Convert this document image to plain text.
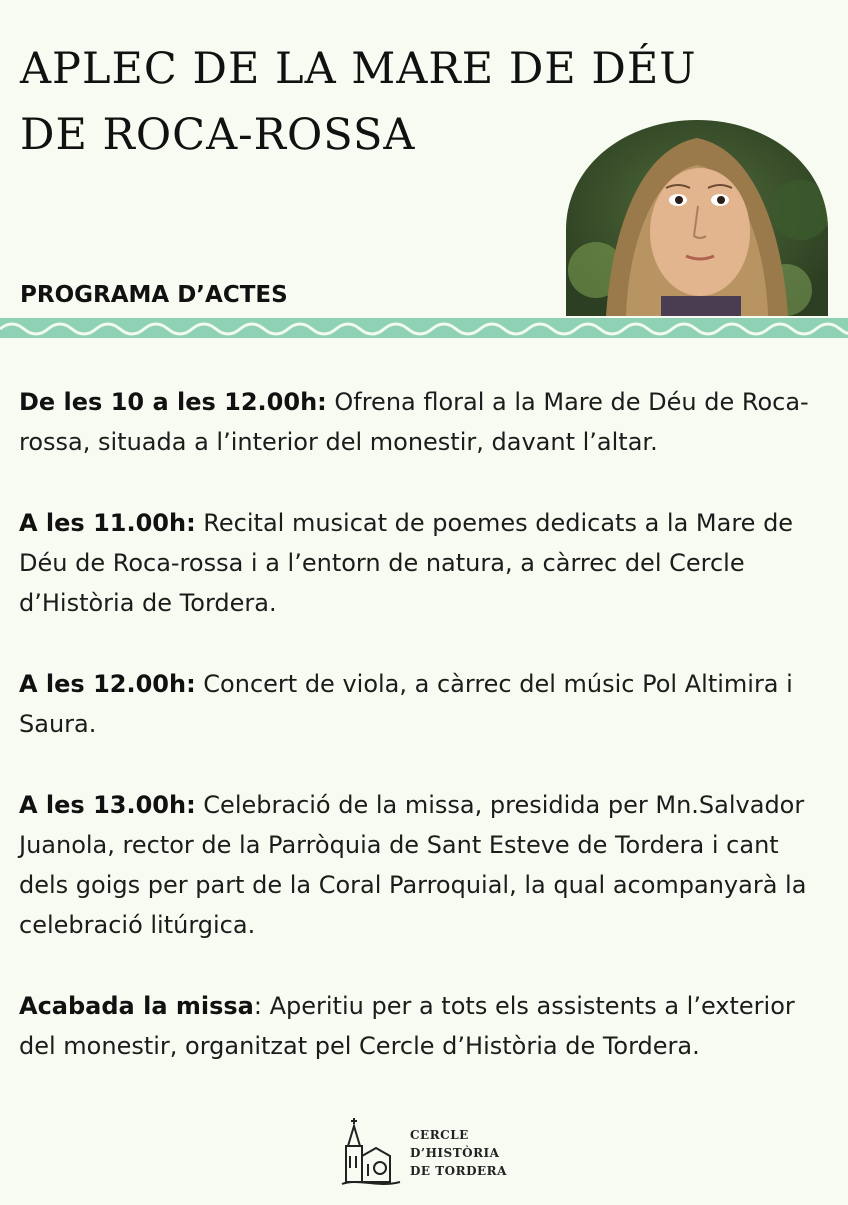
APLEC DE LA MARE DE DÉU
DE ROCA-ROSSA
PROGRAMA D’ACTES

De les 10 a les 12.00h: Ofrena floral a la Mare de Déu de Roca-rossa, situada a l’interior del monestir, davant l’altar.

A les 11.00h: Recital musicat de poemes dedicats a la Mare de Déu de Roca-rossa i a l’entorn de natura, a càrrec del Cercle d’Història de Tordera.

A les 12.00h: Concert de viola, a càrrec del músic Pol Altimira i Saura.

A les 13.00h: Celebració de la missa, presidida per Mn.Salvador Juanola, rector de la Parròquia de Sant Esteve de Tordera i cant dels goigs per part de la Coral Parroquial, la qual acompanyarà la celebració litúrgica.

Acabada la missa: Aperitiu per a tots els assistents a l’exterior del monestir, organitzat pel Cercle d’Història de Tordera.

CERCLE
D’HISTÒRIA
DE TORDERA
